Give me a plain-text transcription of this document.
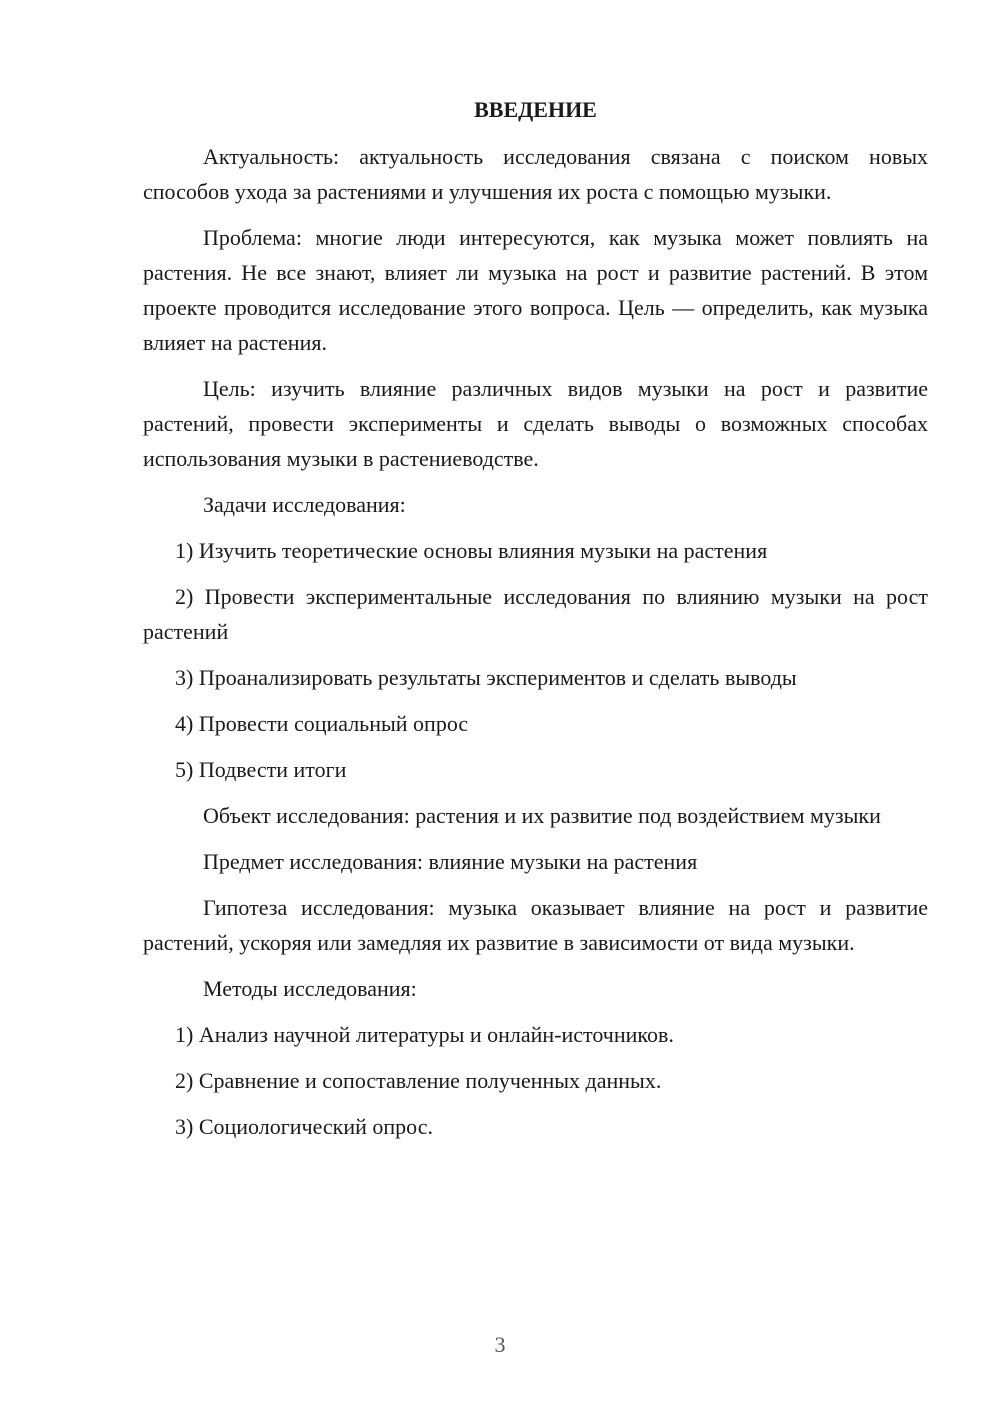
ВВЕДЕНИЕ

Актуальность: актуальность исследования связана с поиском новых способов ухода за растениями и улучшения их роста с помощью музыки.

Проблема: многие люди интересуются, как музыка может повлиять на растения. Не все знают, влияет ли музыка на рост и развитие растений. В этом проекте проводится исследование этого вопроса. Цель — определить, как музыка влияет на растения.

Цель: изучить влияние различных видов музыки на рост и развитие растений, провести эксперименты и сделать выводы о возможных способах использования музыки в растениеводстве.

Задачи исследования:

1) Изучить теоретические основы влияния музыки на растения

2) Провести экспериментальные исследования по влиянию музыки на рост растений

3) Проанализировать результаты экспериментов и сделать выводы

4) Провести социальный опрос

5) Подвести итоги

Объект исследования: растения и их развитие под воздействием музыки

Предмет исследования: влияние музыки на растения

Гипотеза исследования: музыка оказывает влияние на рост и развитие растений, ускоряя или замедляя их развитие в зависимости от вида музыки.

Методы исследования:

1) Анализ научной литературы и онлайн-источников.

2) Сравнение и сопоставление полученных данных.

3) Социологический опрос.

3
